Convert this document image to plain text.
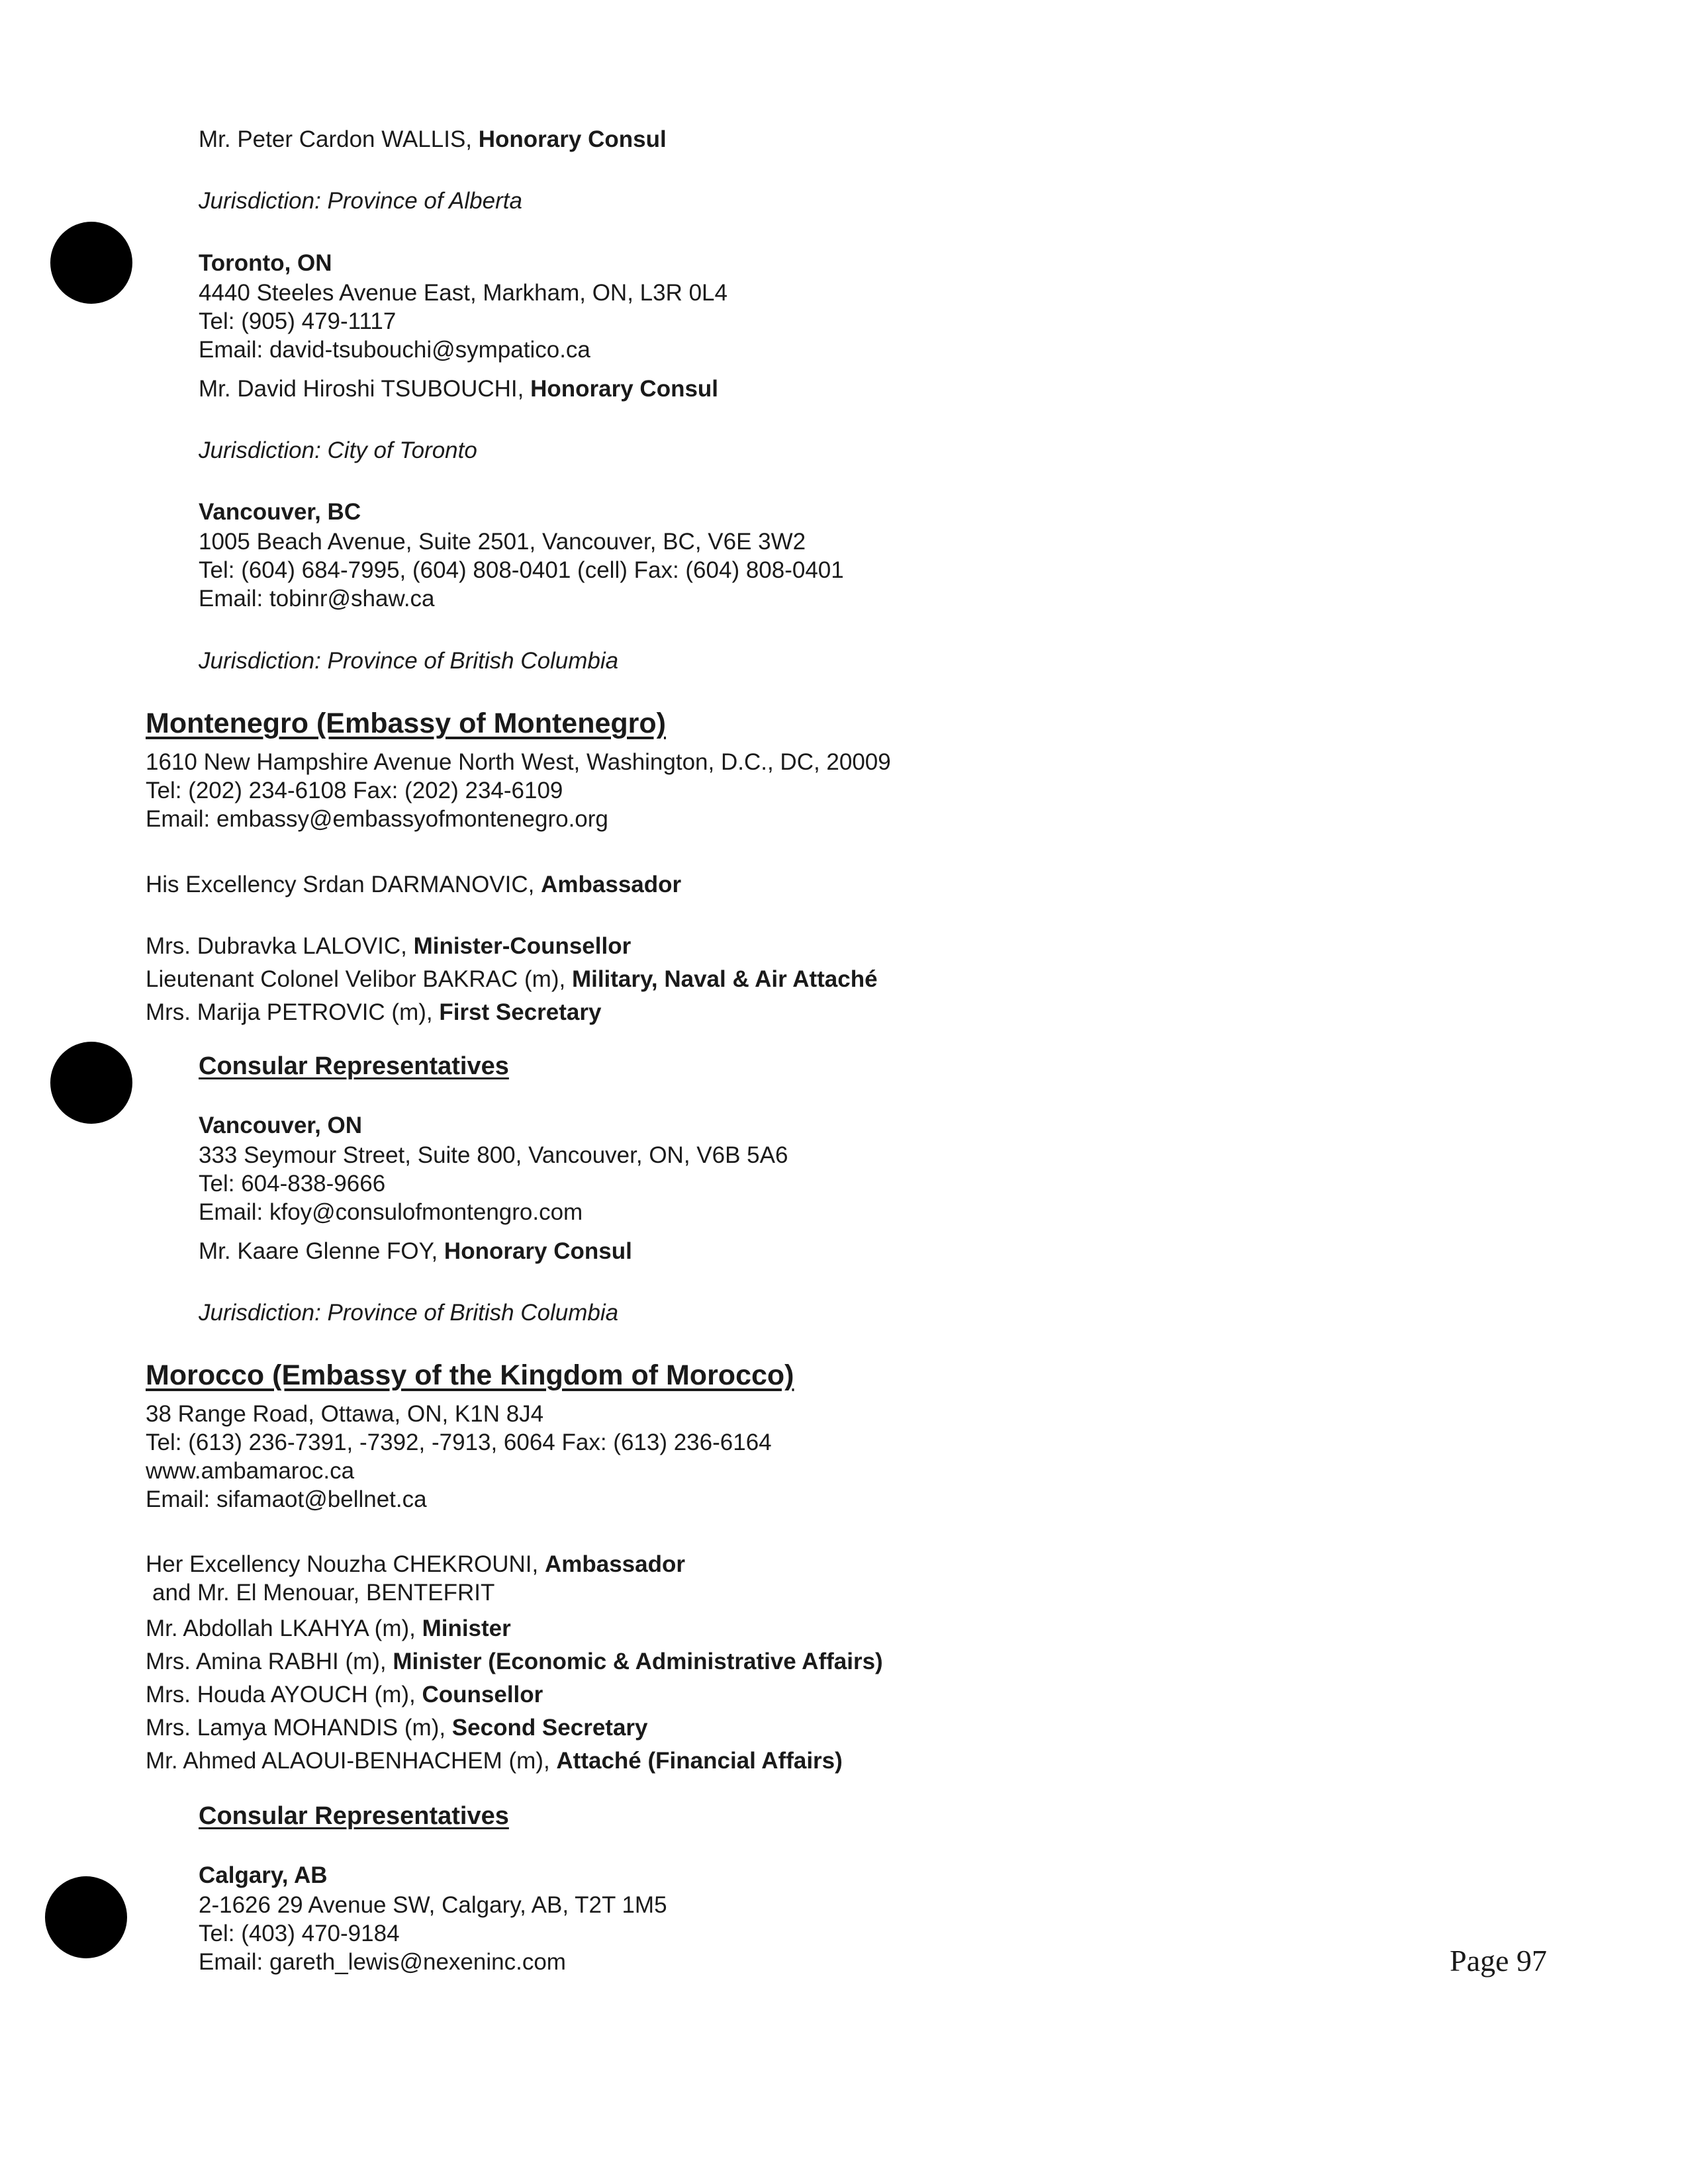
Mr. Peter Cardon WALLIS, Honorary Consul
Jurisdiction: Province of Alberta
Toronto, ON
4440 Steeles Avenue East, Markham, ON, L3R 0L4
Tel: (905) 479-1117
Email: david-tsubouchi@sympatico.ca
Mr. David Hiroshi TSUBOUCHI, Honorary Consul
Jurisdiction: City of Toronto
Vancouver, BC
1005 Beach Avenue, Suite 2501, Vancouver, BC, V6E 3W2
Tel: (604) 684-7995, (604) 808-0401 (cell) Fax: (604) 808-0401
Email: tobinr@shaw.ca
Jurisdiction: Province of British Columbia
Montenegro (Embassy of Montenegro)
1610 New Hampshire Avenue North West, Washington, D.C., DC, 20009
Tel: (202) 234-6108 Fax: (202) 234-6109
Email: embassy@embassyofmontenegro.org
His Excellency Srdan DARMANOVIC, Ambassador
Mrs. Dubravka LALOVIC, Minister-Counsellor
Lieutenant Colonel Velibor BAKRAC (m), Military, Naval & Air Attaché
Mrs. Marija PETROVIC (m), First Secretary
Consular Representatives
Vancouver, ON
333 Seymour Street, Suite 800, Vancouver, ON, V6B 5A6
Tel: 604-838-9666
Email: kfoy@consulofmontengro.com
Mr. Kaare Glenne FOY, Honorary Consul
Jurisdiction: Province of British Columbia
Morocco (Embassy of the Kingdom of Morocco)
38 Range Road, Ottawa, ON, K1N 8J4
Tel: (613) 236-7391, -7392, -7913, 6064 Fax: (613) 236-6164
www.ambamaroc.ca
Email: sifamaot@bellnet.ca
Her Excellency Nouzha CHEKROUNI, Ambassador
and Mr. El Menouar, BENTEFRIT
Mr. Abdollah LKAHYA (m), Minister
Mrs. Amina RABHI (m), Minister (Economic & Administrative Affairs)
Mrs. Houda AYOUCH (m), Counsellor
Mrs. Lamya MOHANDIS (m), Second Secretary
Mr. Ahmed ALAOUI-BENHACHEM (m), Attaché (Financial Affairs)
Consular Representatives
Calgary, AB
2-1626 29 Avenue SW, Calgary, AB, T2T 1M5
Tel: (403) 470-9184
Email: gareth_lewis@nexeninc.com	Page 97
